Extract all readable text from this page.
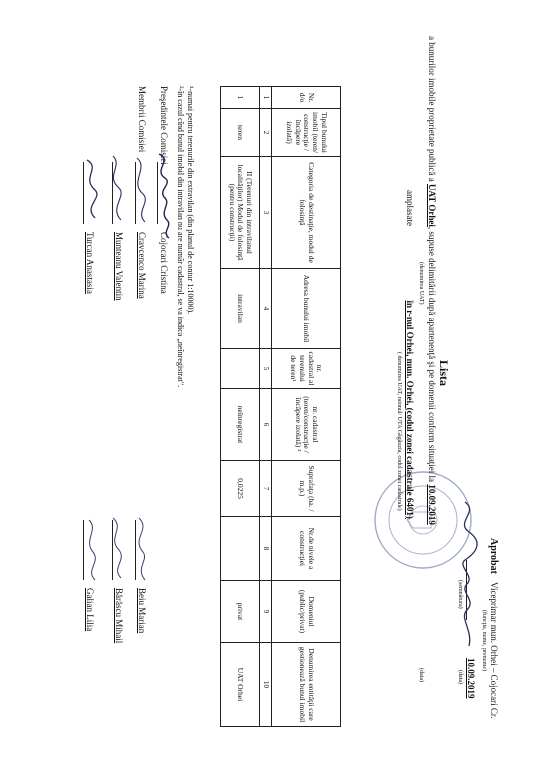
Aprobat
Viceprimar mun. Orhei – Cojocari Cr.
(funcţia, nume, prenume)
10.09.2019
(semnătura)
(data)
Lista
a bunurilor imobile proprietate publică a UAT Orhei, supuse delimitării după apartenenţă şi pe domenii conform situaţiei la 10.09.2019
(denumirea UAT)
(data)
amplasate  în r-nul Orhei, mun. Orhei, (codul zonei cadastrale 6401)
( denumirea UAT, raionul/ UTA Găgăuzia, codul zonei cadastrale)
Nr. d/o	Tipul bunului imobil (teren/ construcţie /încăpere izolată)	Categoria de destinaţie, modul de folosinţă	Adresa bunului imobil	nr. cadastral al terenului de teren¹	nr. cadastral (teren/construcţie /încăpere izolată) ²	Suprafaţa (ha. / m.p.)	Nr.de nivele a construcţiei	Domeniul (public/privat)	Denumirea entităţii care gestionează bunul imobil
1	2	3	4	5	6	7	8	9	10
1	teren	II (Terenuri din intravilanul localităţilor) Modul de folosinţă (pentru construcţii)	intravilan		neînregistrat	0,0225		privat	UAT Orhei
¹-numai pentru terenurile din extravilan (din planul de contur 1:10000).
²-în cazul cînd bunul imobil din intravilan nu are număr cadastral, se va indica „neînregistrat".
Preşedintele Comisiei
Cojocari Cristina
Membrii Comisiei
Cravcenco Marina
Munteanu Valentin
Turcan Anastasia
Beiu Marian
Bărăscu Mihail
Galian Lilia
